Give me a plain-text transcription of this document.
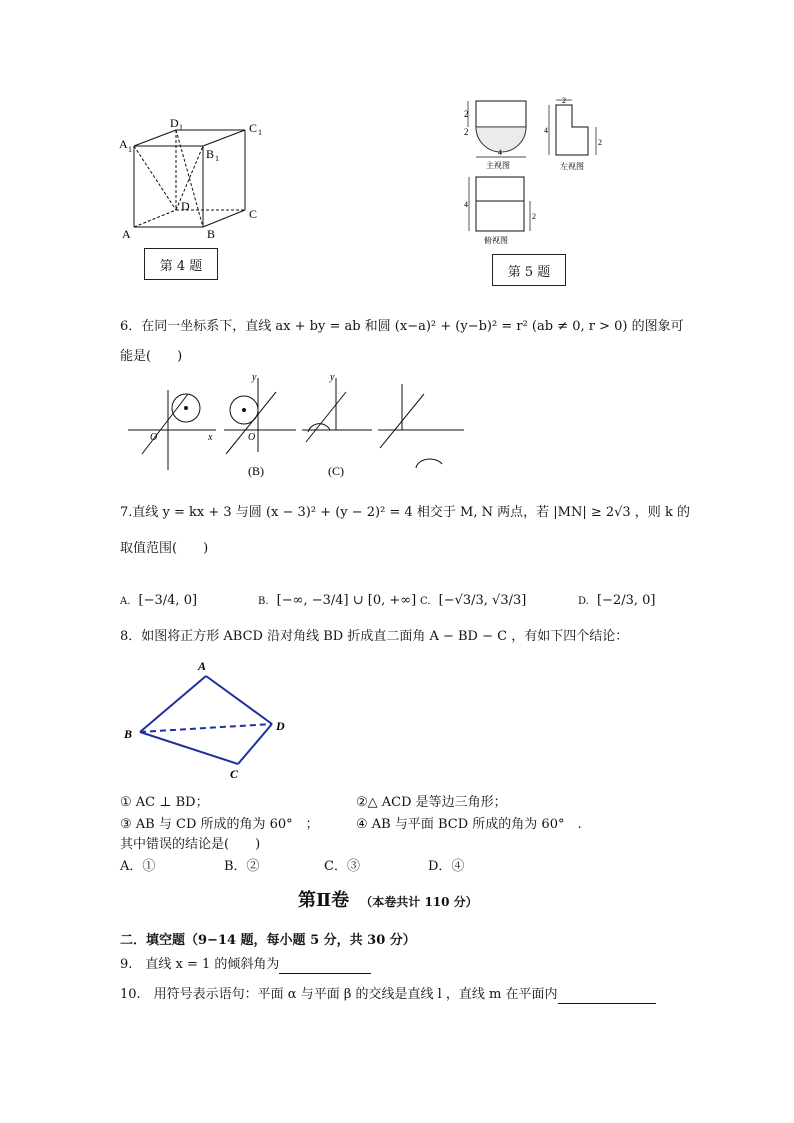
A 1
D 1	C 1
B 1
D
C
A	B
第 4 题
2
2
4
主视图
2
4
2
左视图
4
2
俯视图
第 5 题
6．在同一坐标系下，直线 ax + by = ab 和圆 (x−a)² + (y−b)² = r² (ab ≠ 0, r > 0) 的图象可
能是(　　)
O	x
y
O
(B)
y
(C)
7.直线 y = kx + 3 与圆 (x − 3)² + (y − 2)² = 4 相交于 M, N 两点，若 |MN| ≥ 2√3 ，则 k 的
取值范围(　　)
A. [−3/4, 0]	B. [−∞, −3/4] ∪ [0, +∞] C. [−√3/3, √3/3]	D. [−2/3, 0]
8．如图将正方形 ABCD 沿对角线 BD 折成直二面角 A − BD − C ，有如下四个结论：
A
B
C
D
① AC ⊥ BD；	②△ ACD 是等边三角形；
③ AB 与 CD 所成的角为 60°　；	④ AB 与平面 BCD 所成的角为 60°　.
其中错误的结论是(　　)
A．①	B．②	C．③	D．④
第Ⅱ卷 （本卷共计 110 分）
二．填空题（9−14 题，每小题 5 分，共 30 分）
9.　直线 x = 1 的倾斜角为
10.　用符号表示语句：平面 α 与平面 β 的交线是直线 l ，直线 m 在平面内
